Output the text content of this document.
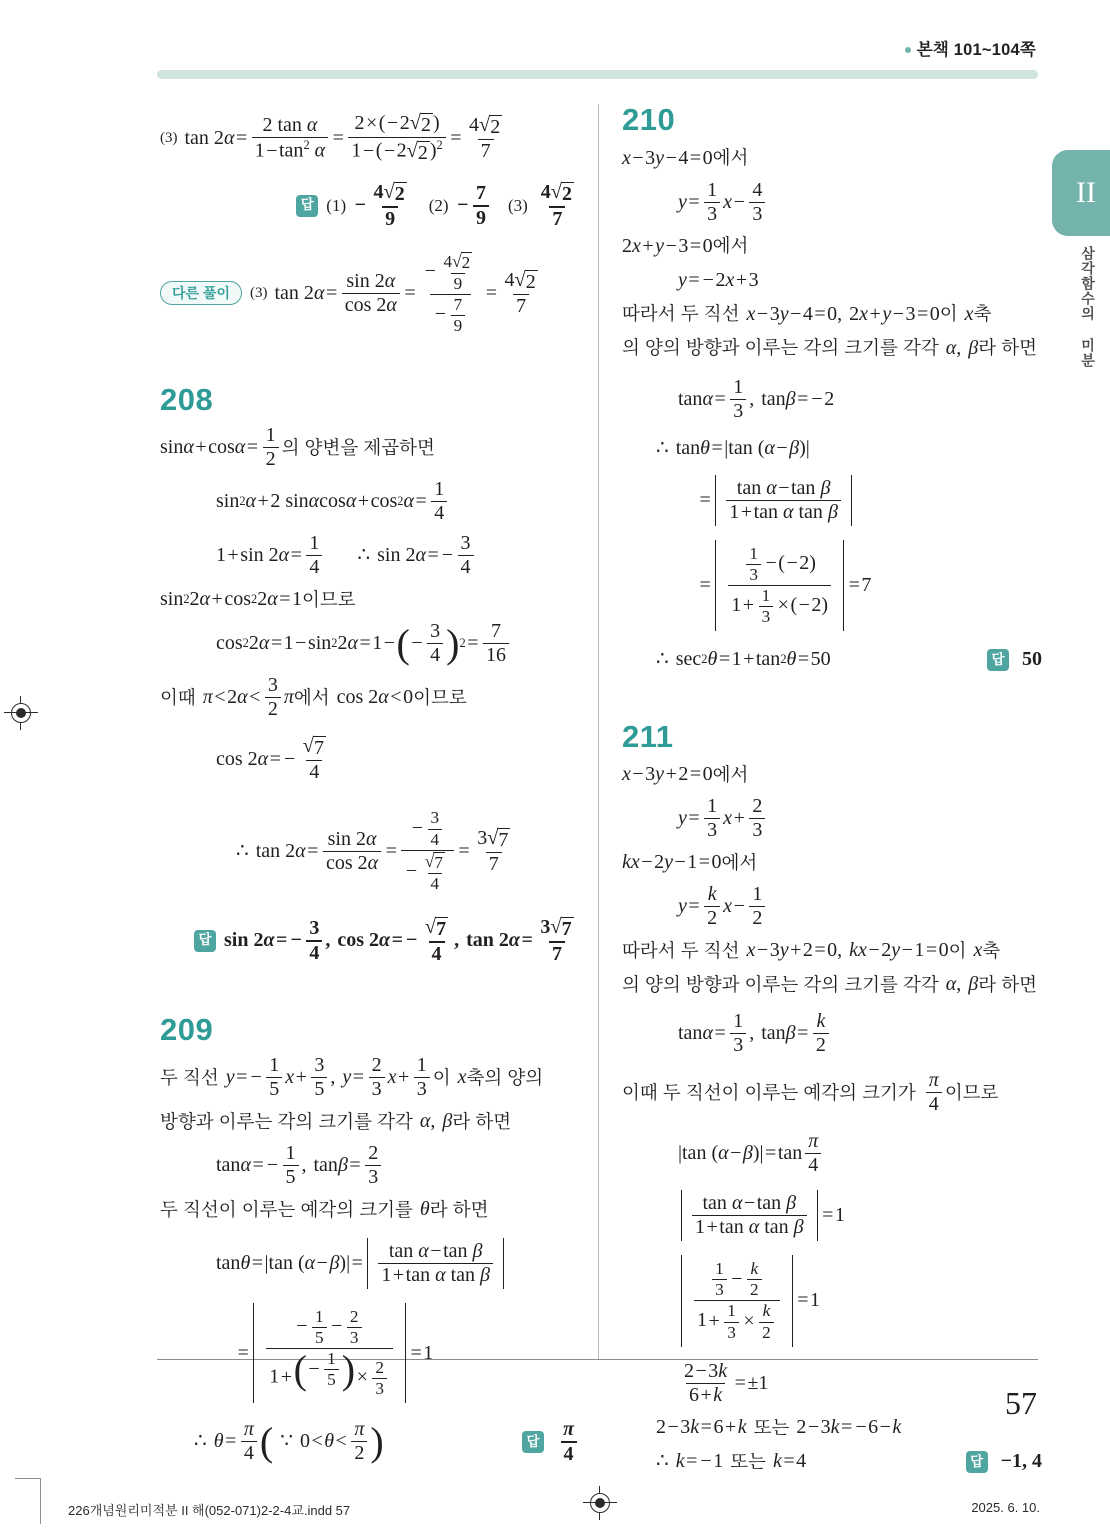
본책 101~104쪽
II
삼각함수의 미분
(3) tan 2 $\alpha = \frac{\text{2 tan α}}{1-\tan^2 \alpha} = \frac{2\times(-2 √ 2 )}{1-(-2 √ 2 )^2} = \frac{4 √ 2}{7}$
답 $(1) - \frac{4 √ 2}{9} (2) - \frac{7}{9} (3) \frac{4 √ 2}{7}$
다른 풀이	(3) tan 2 $\alpha = \frac{\sin 2\alpha}{\cos 2\alpha} = \frac{- \frac{4 √ 2}{9}}{- \frac{7}{9}} = \frac{4 √ 2}{7}$
208
$\sin \alpha + \cos \alpha = \frac{1}{2}$ 의 양변을 제곱하면
sin 2 α + 2 sin α cos α + cos 2 $\alpha = \frac{1}{4}$
1 + sin 2 $\alpha = \frac{1}{4}$ ∴ sin 2 α = − $\frac{3}{4}$
sin 2 2 α + cos 2 2 α = 1 이므로
cos 2 2 α = 1 − sin 2 2 α = 1 − ( − $\frac{3}{4}$ ) $2 = \frac{7}{16}$
이때 π < 2 $\alpha < \frac{3}{2}$ π 에서 cos 2 α < 0 이므로
cos 2 α = − $\frac{√ 7}{4}$
∴ tan 2 $\alpha = \frac{\sin 2\alpha}{\cos 2\alpha} = \frac{- \frac{3}{4}}{- \frac{√ 7}{4}} = \frac{3 √ 7}{7}$
답 sin 2 α = − $\frac{3}{4}$ ,
cos 2 α = − $\frac{√ 7}{4}$ ,
tan 2 $\alpha = \frac{3 √ 7}{7}$
209
두 직선 y = − $\frac{1}{5}$ $x + \frac{3}{5}$ , $y = \frac{2}{3}$ $x + \frac{1}{3}$ 이 x 축의 양의
방향과 이루는 각의 크기를 각각 α , β 라 하면
tan α = − $\frac{1}{5}$ ,
$\tan \beta = \frac{2}{3}$
두 직선이 이루는 예각의 크기를 θ 라 하면
tan θ = |tan ( α − β )| = $\frac{\text{tan α−tan β}}{\text{1+tan α tan β}}$
= $\frac{- \frac{1}{5} - \frac{2}{3}}{1+ ( - \frac{1}{5} ) \times \frac{2}{3}} = 1$
∴ $\theta = \frac{\pi}{4}$ ( ∵ $0 < \theta < \frac{\pi}{2}$ )	답 $\frac{\pi}{4}$
210
x − 3 y − 4 = 0 에서
$y = \frac{1}{3}$ $x - \frac{4}{3}$
2 x + y − 3 = 0 에서
y = − 2 x + 3
따라서 두 직선 x − 3 y − 4 = 0,
2 x + y − 3 = 0 이 x 축
의 양의 방향과 이루는 각의 크기를 각각 α , β 라 하면
$\tan \alpha = \frac{1}{3}$ ,
tan β = − 2
∴ tan θ = |tan ( α − β )|
= $\frac{\text{tan α−tan β}}{\text{1+tan α tan β}}$
= $\frac{\frac{1}{3} -(-2)}{1+ \frac{1}{3} \times(-2)} = 7$
∴ sec 2 θ = 1 + tan 2 θ = 50	답 50
211
x − 3 y + 2 = 0 에서
$y = \frac{1}{3}$ $x + \frac{2}{3}$
k x − 2 y − 1 = 0 에서
$y = \frac{k}{2}$ $x - \frac{1}{2}$
따라서 두 직선 x − 3 y + 2 = 0, k x − 2 y − 1 = 0 이 x 축
의 양의 방향과 이루는 각의 크기를 각각 α , β 라 하면
$\tan \alpha = \frac{1}{3}$ ,
$\tan \beta = \frac{k}{2}$
이때 두 직선이 이루는 예각의 크기가 $\frac{\pi}{4}$ 이므로
|tan ( α − β )| = $\tan \frac{\pi}{4}$
$\frac{\text{tan α−tan β}}{\text{1+tan α tan β}} = 1$
$\frac{\frac{1}{3} - \frac{k}{2}}{1+ \frac{1}{3} \times \frac{k}{2}} = 1$
$\frac{2-3k}{6+k} = \pm 1$
2 − 3 k = 6 + k 또는 2 − 3 k = − 6 − k
∴ k = − 1 또는 k = 4	답 −1, 4
57
226개념원리미적분 II 해(052-071)2-2-4교.indd 57	2025. 6. 10.
